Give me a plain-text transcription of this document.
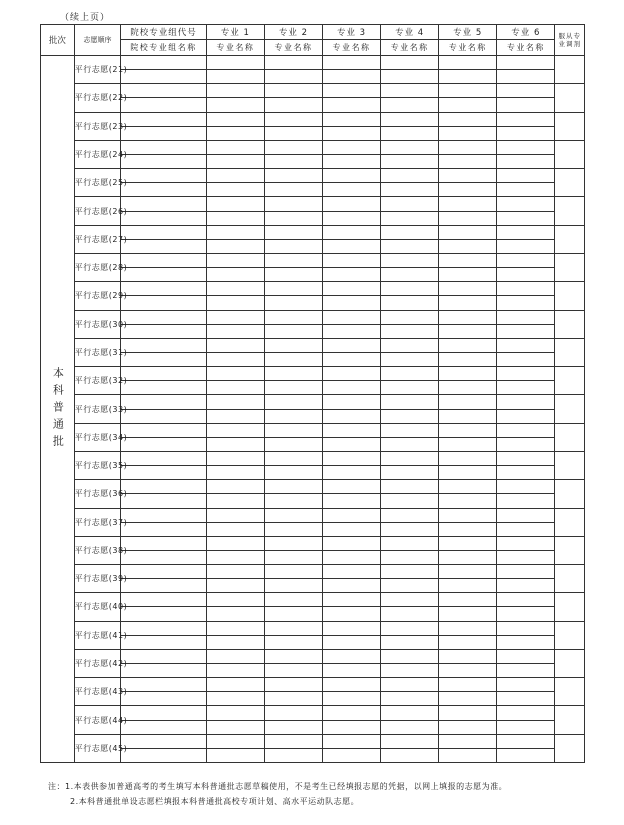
（续上页）
批次	志愿顺序	院校专业组代号	专业 1	专业 2	专业 3	专业 4	专业 5	专业 6	服从专业调剂
		院校专业组名称	专业名称	专业名称	专业名称	专业名称	专业名称	专业名称	
本科普通批	平行志愿(21)								

	平行志愿(22)								

	平行志愿(23)								

	平行志愿(24)								

	平行志愿(25)								

	平行志愿(26)								

	平行志愿(27)								

	平行志愿(28)								

	平行志愿(29)								

	平行志愿(30)								

	平行志愿(31)								

	平行志愿(32)								

	平行志愿(33)								

	平行志愿(34)								

	平行志愿(35)								

	平行志愿(36)								

	平行志愿(37)								

	平行志愿(38)								

	平行志愿(39)								

	平行志愿(40)								

	平行志愿(41)								

	平行志愿(42)								

	平行志愿(43)								

	平行志愿(44)								

	平行志愿(45)								

注：1.本表供参加普通高考的考生填写本科普通批志愿草稿使用，不是考生已经填报志愿的凭据，以网上填报的志愿为准。
2.本科普通批单设志愿栏填报本科普通批高校专项计划、高水平运动队志愿。
